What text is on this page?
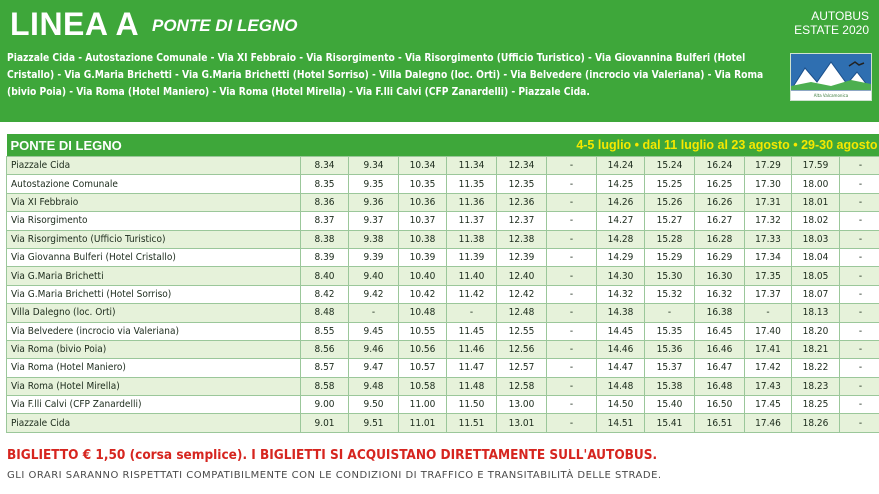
LINEA A PONTE DI LEGNO	AUTOBUS
ESTATE 2020
Piazzale Cida - Autostazione Comunale - Via XI Febbraio - Via Risorgimento - Via Risorgimento (Ufficio Turistico) - Via Giovannina Bulferi (Hotel Cristallo) - Via G.Maria Brichetti - Via G.Maria Brichetti (Hotel Sorriso) - Villa Dalegno (loc. Orti) - Via Belvedere (incrocio via Valeriana) - Via Roma (bivio Poia) - Via Roma (Hotel Maniero) - Via Roma (Hotel Mirella) - Via F.lli Calvi (CFP Zanardelli) - Piazzale Cida.	Alta Valcamonica
PONTE DI LEGNO	4-5 luglio • dal 11 luglio al 23 agosto • 29-30 agosto											
Piazzale Cida	8.34	9.34	10.34	11.34	12.34	-	14.24	15.24	16.24	17.29	17.59	-
Autostazione Comunale	8.35	9.35	10.35	11.35	12.35	-	14.25	15.25	16.25	17.30	18.00	-
Via XI Febbraio	8.36	9.36	10.36	11.36	12.36	-	14.26	15.26	16.26	17.31	18.01	-
Via Risorgimento	8.37	9.37	10.37	11.37	12.37	-	14.27	15.27	16.27	17.32	18.02	-
Via Risorgimento (Ufficio Turistico)	8.38	9.38	10.38	11.38	12.38	-	14.28	15.28	16.28	17.33	18.03	-
Via Giovanna Bulferi (Hotel Cristallo)	8.39	9.39	10.39	11.39	12.39	-	14.29	15.29	16.29	17.34	18.04	-
Via G.Maria Brichetti	8.40	9.40	10.40	11.40	12.40	-	14.30	15.30	16.30	17.35	18.05	-
Via G.Maria Brichetti (Hotel Sorriso)	8.42	9.42	10.42	11.42	12.42	-	14.32	15.32	16.32	17.37	18.07	-
Villa Dalegno (loc. Orti)	8.48	-	10.48	-	12.48	-	14.38	-	16.38	-	18.13	-
Via Belvedere (incrocio via Valeriana)	8.55	9.45	10.55	11.45	12.55	-	14.45	15.35	16.45	17.40	18.20	-
Via Roma (bivio Poia)	8.56	9.46	10.56	11.46	12.56	-	14.46	15.36	16.46	17.41	18.21	-
Via Roma (Hotel Maniero)	8.57	9.47	10.57	11.47	12.57	-	14.47	15.37	16.47	17.42	18.22	-
Via Roma (Hotel Mirella)	8.58	9.48	10.58	11.48	12.58	-	14.48	15.38	16.48	17.43	18.23	-
Via F.lli Calvi (CFP Zanardelli)	9.00	9.50	11.00	11.50	13.00	-	14.50	15.40	16.50	17.45	18.25	-
Piazzale Cida	9.01	9.51	11.01	11.51	13.01	-	14.51	15.41	16.51	17.46	18.26	-
BIGLIETTO € 1,50 (corsa semplice). I BIGLIETTI SI ACQUISTANO DIRETTAMENTE SULL'AUTOBUS.
GLI ORARI SARANNO RISPETTATI COMPATIBILMENTE CON LE CONDIZIONI DI TRAFFICO E TRANSITABILITÀ DELLE STRADE.
